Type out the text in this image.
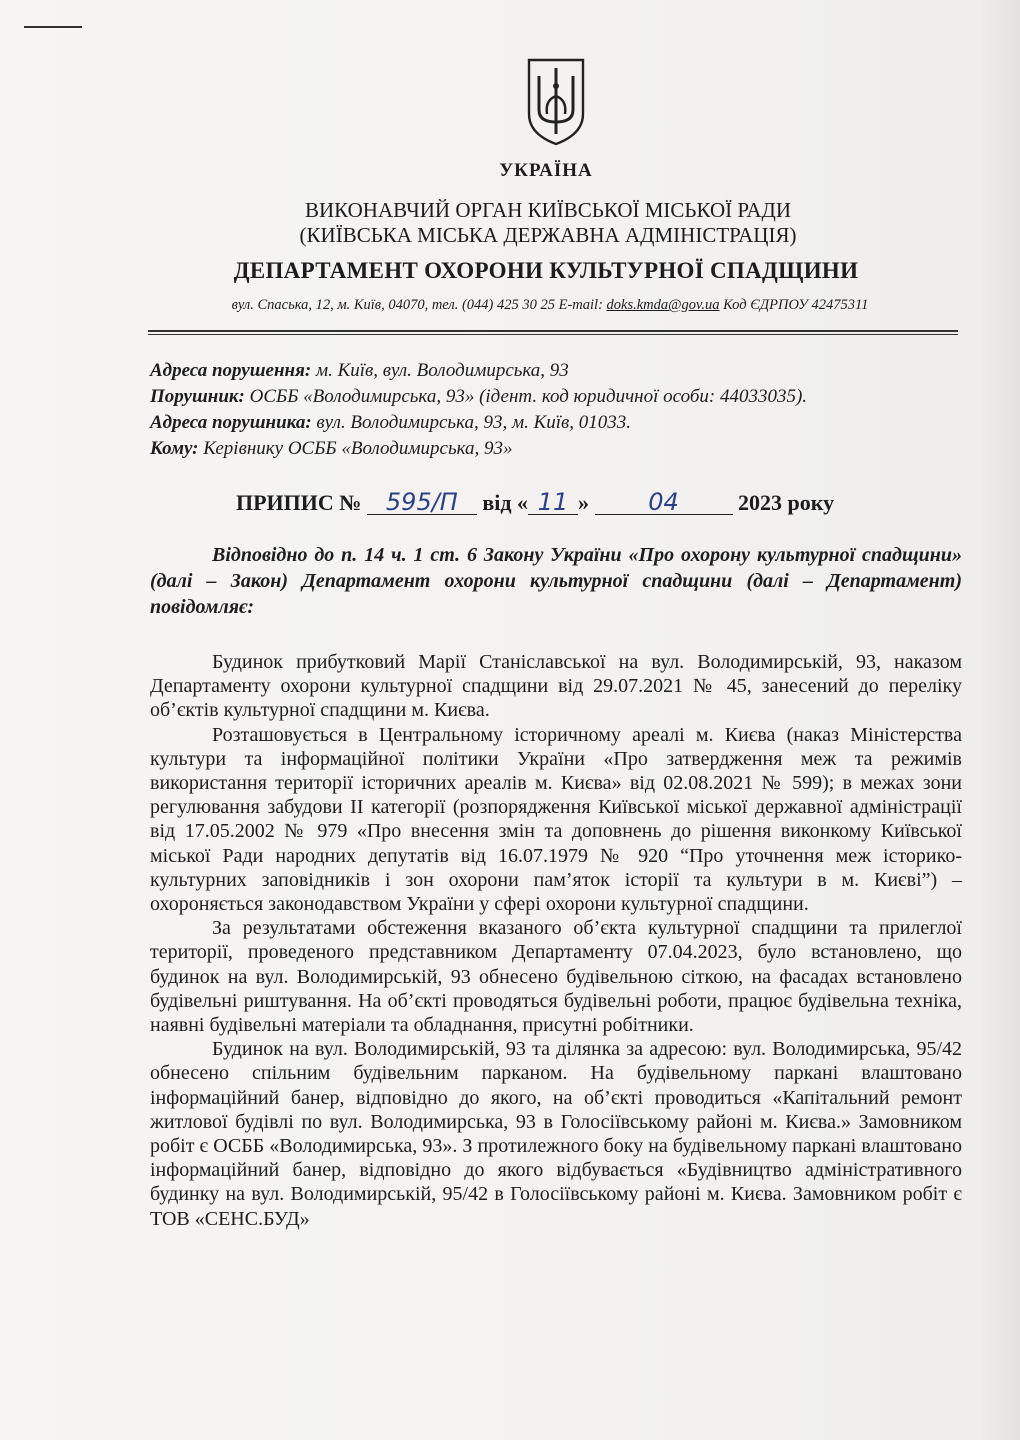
УКРАЇНА
ВИКОНАВЧИЙ ОРГАН КИЇВСЬКОЇ МІСЬКОЇ РАДИ
(КИЇВСЬКА МІСЬКА ДЕРЖАВНА АДМІНІСТРАЦІЯ)
ДЕПАРТАМЕНТ ОХОРОНИ КУЛЬТУРНОЇ СПАДЩИНИ
вул. Спаська, 12, м. Київ, 04070, тел. (044) 425 30 25 E-mail: doks.kmda@gov.ua Код ЄДРПОУ 42475311
Адреса порушення: м. Київ, вул. Володимирська, 93
Порушник: ОСББ «Володимирська, 93» (ідент. код юридичної особи: 44033035).
Адреса порушника: вул. Володимирська, 93, м. Київ, 01033.
Кому: Керівнику ОСББ «Володимирська, 93»
ПРИПИС № 595/П від « 11 » 04 2023 року
Відповідно до п. 14 ч. 1 ст. 6 Закону України «Про охорону культурної спадщини» (далі – Закон) Департамент охорони культурної спадщини (далі – Департамент) повідомляє:

Будинок прибутковий Марії Станіславської на вул. Володимирській, 93, наказом Департаменту охорони культурної спадщини від 29.07.2021 № 45, занесений до переліку об’єктів культурної спадщини м. Києва.

Розташовується в Центральному історичному ареалі м. Києва (наказ Міністерства культури та інформаційної політики України «Про затвердження меж та режимів використання території історичних ареалів м. Києва» від 02.08.2021 № 599); в межах зони регулювання забудови II категорії (розпорядження Київської міської державної адміністрації від 17.05.2002 № 979 «Про внесення змін та доповнень до рішення виконкому Київської міської Ради народних депутатів від 16.07.1979 № 920 “Про уточнення меж історико-культурних заповідників і зон охорони пам’яток історії та культури в м. Києві”) – охороняється законодавством України у сфері охорони культурної спадщини.

За результатами обстеження вказаного об’єкта культурної спадщини та прилеглої території, проведеного представником Департаменту 07.04.2023, було встановлено, що будинок на вул. Володимирській, 93 обнесено будівельною сіткою, на фасадах встановлено будівельні риштування. На об’єкті проводяться будівельні роботи, працює будівельна техніка, наявні будівельні матеріали та обладнання, присутні робітники.

Будинок на вул. Володимирській, 93 та ділянка за адресою: вул. Володимирська, 95/42 обнесено спільним будівельним парканом. На будівельному паркані влаштовано інформаційний банер, відповідно до якого, на об’єкті проводиться «Капітальний ремонт житлової будівлі по вул. Володимирська, 93 в Голосіївському районі м. Києва.» Замовником робіт є ОСББ «Володимирська, 93». З протилежного боку на будівельному паркані влаштовано інформаційний банер, відповідно до якого відбувається «Будівництво адміністративного будинку на вул. Володимирській, 95/42 в Голосіївському районі м. Києва. Замовником робіт є ТОВ «СЕНС.БУД»
